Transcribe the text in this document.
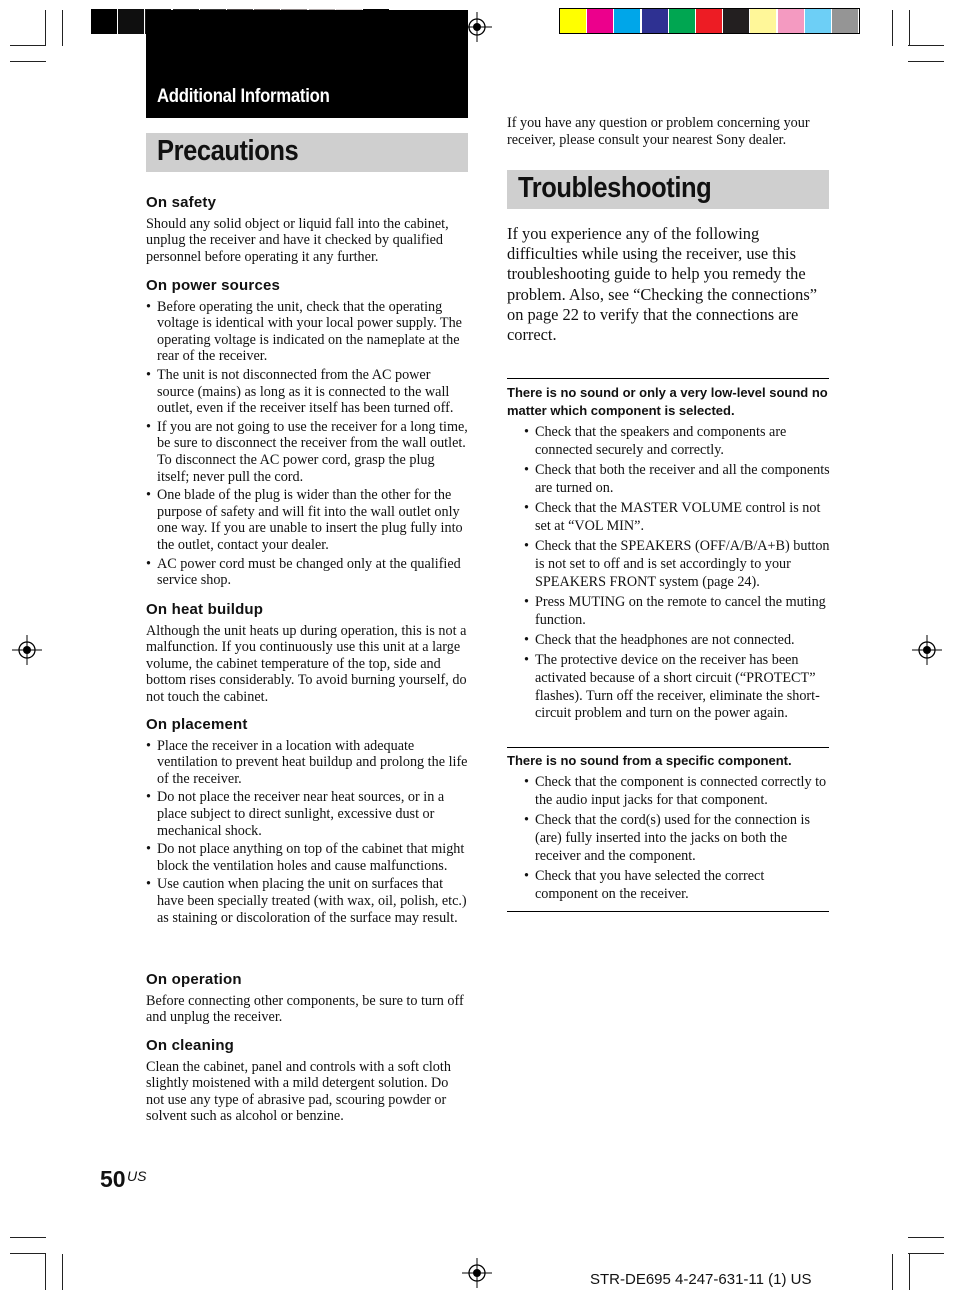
Additional Information
Precautions
On safety

Should any solid object or liquid fall into the cabinet, unplug the receiver and have it checked by qualified personnel before operating it any further.

On power sources
• Before operating the unit, check that the operating voltage is identical with your local power supply. The operating voltage is indicated on the nameplate at the rear of the receiver.
• The unit is not disconnected from the AC power source (mains) as long as it is connected to the wall outlet, even if the receiver itself has been turned off.
• If you are not going to use the receiver for a long time, be sure to disconnect the receiver from the wall outlet. To disconnect the AC power cord, grasp the plug itself; never pull the cord.
• One blade of the plug is wider than the other for the purpose of safety and will fit into the wall outlet only one way. If you are unable to insert the plug fully into the outlet, contact your dealer.
• AC power cord must be changed only at the qualified service shop.
On heat buildup

Although the unit heats up during operation, this is not a malfunction. If you continuously use this unit at a large volume, the cabinet temperature of the top, side and bottom rises considerably. To avoid burning yourself, do not touch the cabinet.

On placement
• Place the receiver in a location with adequate ventilation to prevent heat buildup and prolong the life of the receiver.
• Do not place the receiver near heat sources, or in a place subject to direct sunlight, excessive dust or mechanical shock.
• Do not place anything on top of the cabinet that might block the ventilation holes and cause malfunctions.
• Use caution when placing the unit on surfaces that have been specially treated (with wax, oil, polish, etc.) as staining or discoloration of the surface may result.
On operation

Before connecting other components, be sure to turn off and unplug the receiver.

On cleaning

Clean the cabinet, panel and controls with a soft cloth slightly moistened with a mild detergent solution. Do not use any type of abrasive pad, scouring powder or solvent such as alcohol or benzine.

If you have any question or problem concerning your receiver, please consult your nearest Sony dealer.
Troubleshooting
If you experience any of the following difficulties while using the receiver, use this troubleshooting guide to help you remedy the problem. Also, see “Checking the connections” on page 22 to verify that the connections are correct.
There is no sound or only a very low-level sound no matter which component is selected.
• Check that the speakers and components are connected securely and correctly.
• Check that both the receiver and all the components are turned on.
• Check that the MASTER VOLUME control is not set at “VOL MIN”.
• Check that the SPEAKERS (OFF/A/B/A+B) button is not set to off and is set accordingly to your SPEAKERS FRONT system (page 24).
• Press MUTING on the remote to cancel the muting function.
• Check that the headphones are not connected.
• The protective device on the receiver has been activated because of a short circuit (“PROTECT” flashes). Turn off the receiver, eliminate the short-circuit problem and turn on the power again.
There is no sound from a specific component.
• Check that the component is connected correctly to the audio input jacks for that component.
• Check that the cord(s) used for the connection is (are) fully inserted into the jacks on both the receiver and the component.
• Check that you have selected the correct component on the receiver.
50 US
STR-DE695 4-247-631-11 (1) US
